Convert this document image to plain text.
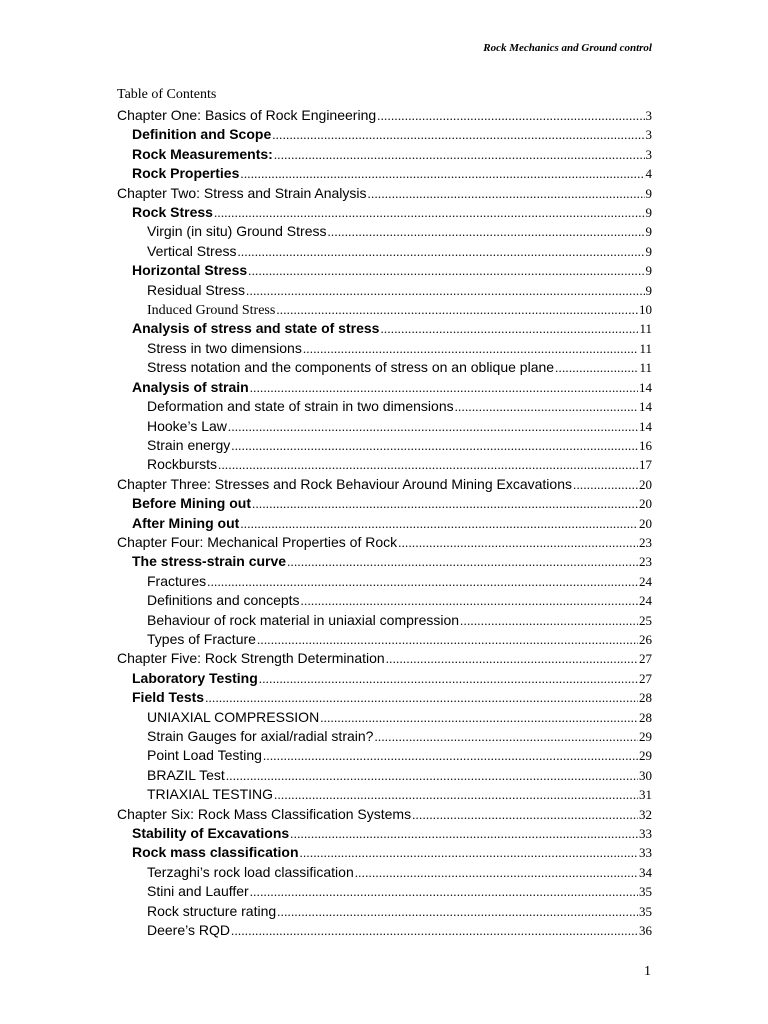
Rock Mechanics and Ground control
Table of Contents
Chapter One: Basics of Rock Engineering .....	3
Definition and Scope .....	3
Rock Measurements: .....	3
Rock Properties .....	4
Chapter Two: Stress and Strain Analysis .....	9
Rock Stress .....	9
Virgin (in situ) Ground Stress .....	9
Vertical Stress .....	9
Horizontal Stress .....	9
Residual Stress .....	9
Induced Ground Stress .....	10
Analysis of stress and state of stress .....	11
Stress in two dimensions .....	11
Stress notation and the components of stress on an oblique plane .....	11
Analysis of strain .....	14
Deformation and state of strain in two dimensions .....	14
Hooke’s Law .....	14
Strain energy .....	16
Rockbursts .....	17
Chapter Three: Stresses and Rock Behaviour Around Mining Excavations .....	20
Before Mining out .....	20
After Mining out .....	20
Chapter Four: Mechanical Properties of Rock .....	23
The stress-strain curve .....	23
Fractures .....	24
Definitions and concepts .....	24
Behaviour of rock material in uniaxial compression .....	25
Types of Fracture .....	26
Chapter Five: Rock Strength Determination .....	27
Laboratory Testing .....	27
Field Tests .....	28
UNIAXIAL COMPRESSION .....	28
Strain Gauges for axial/radial strain? .....	29
Point Load Testing .....	29
BRAZIL Test .....	30
TRIAXIAL TESTING .....	31
Chapter Six: Rock Mass Classification Systems .....	32
Stability of Excavations .....	33
Rock mass classification .....	33
Terzaghi’s rock load classification .....	34
Stini and Lauffer .....	35
Rock structure rating .....	35
Deere’s RQD .....	36
1
